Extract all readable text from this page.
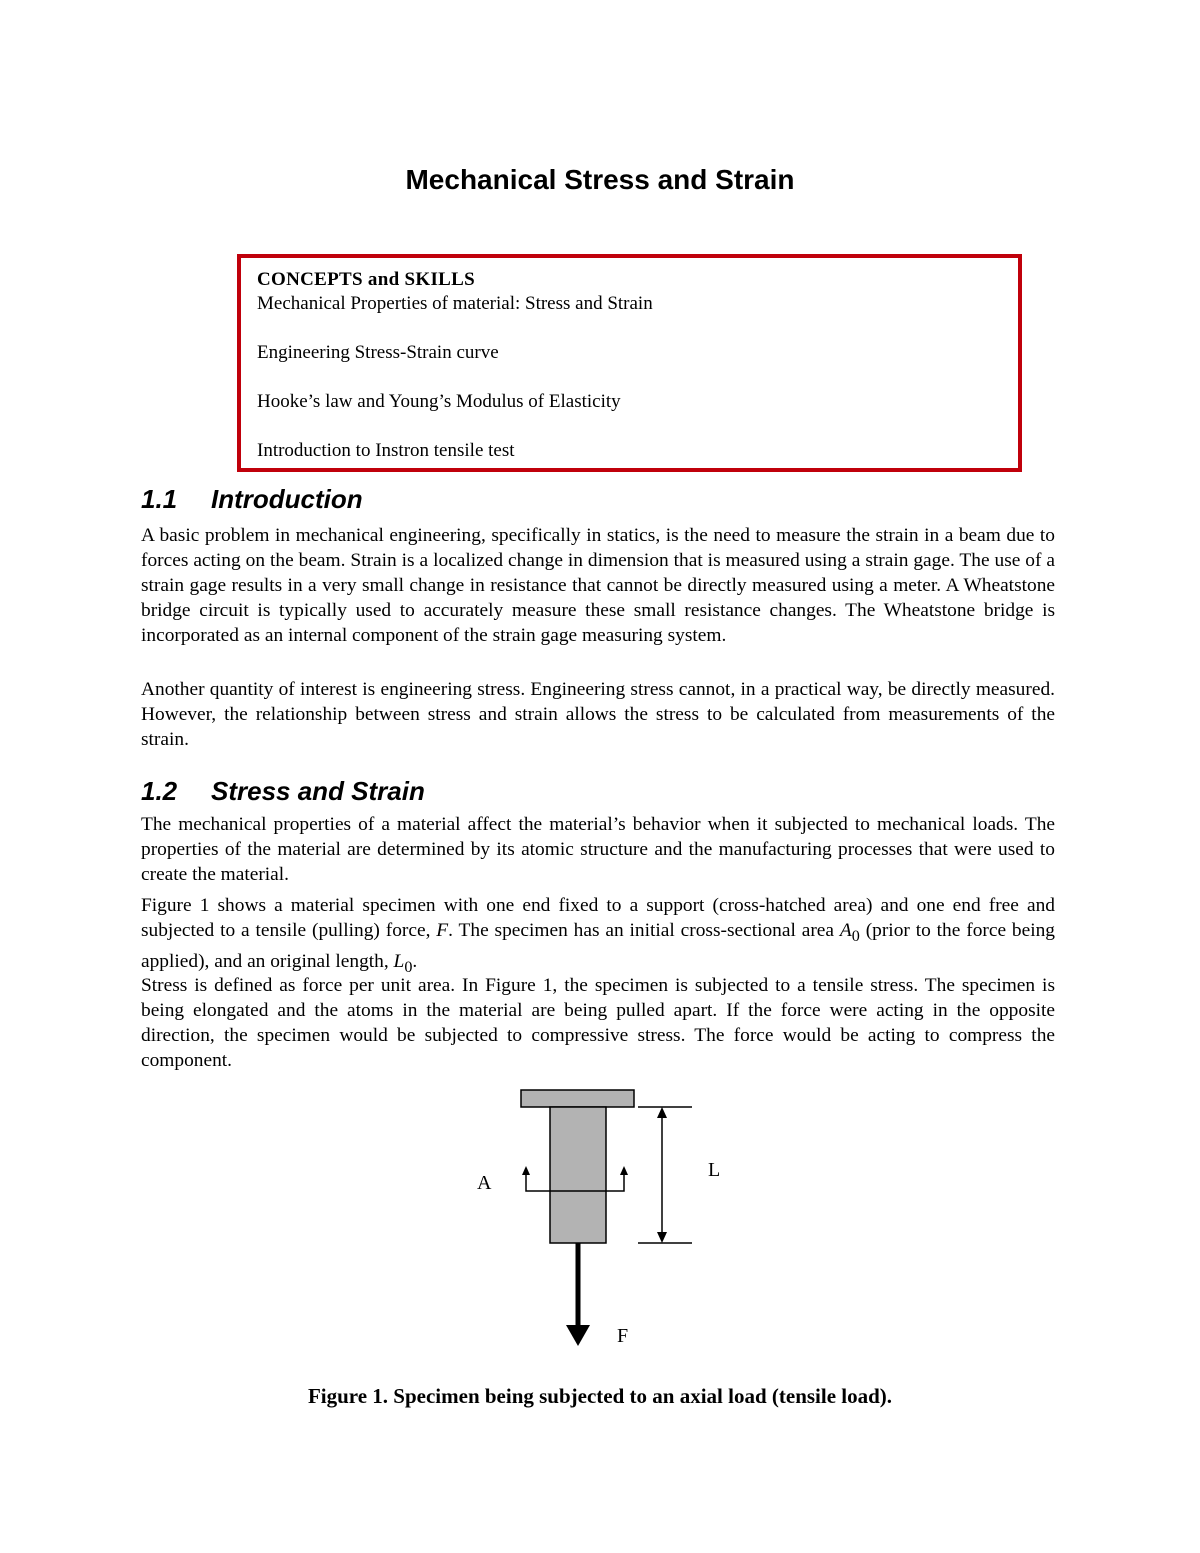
Mechanical Stress and Strain
CONCEPTS and SKILLS

Mechanical Properties of material: Stress and Strain

Engineering Stress-Strain curve

Hooke’s law and Young’s Modulus of Elasticity

Introduction to Instron tensile test

1.1 Introduction

A basic problem in mechanical engineering, specifically in statics, is the need to measure the strain in a beam due to forces acting on the beam. Strain is a localized change in dimension that is measured using a strain gage. The use of a strain gage results in a very small change in resistance that cannot be directly measured using a meter. A Wheatstone bridge circuit is typically used to accurately measure these small resistance changes. The Wheatstone bridge is incorporated as an internal component of the strain gage measuring system.

Another quantity of interest is engineering stress. Engineering stress cannot, in a practical way, be directly measured. However, the relationship between stress and strain allows the stress to be calculated from measurements of the strain.

1.2 Stress and Strain

The mechanical properties of a material affect the material’s behavior when it subjected to mechanical loads. The properties of the material are determined by its atomic structure and the manufacturing processes that were used to create the material.

Figure 1 shows a material specimen with one end fixed to a support (cross-hatched area) and one end free and subjected to a tensile (pulling) force, F. The specimen has an initial cross-sectional area $A_0$ (prior to the force being applied), and an original length, $L_0$.

Stress is defined as force per unit area. In Figure 1, the specimen is subjected to a tensile stress. The specimen is being elongated and the atoms in the material are being pulled apart. If the force were acting in the opposite direction, the specimen would be subjected to compressive stress. The force would be acting to compress the component.

A
L
F

Figure 1. Specimen being subjected to an axial load (tensile load).
